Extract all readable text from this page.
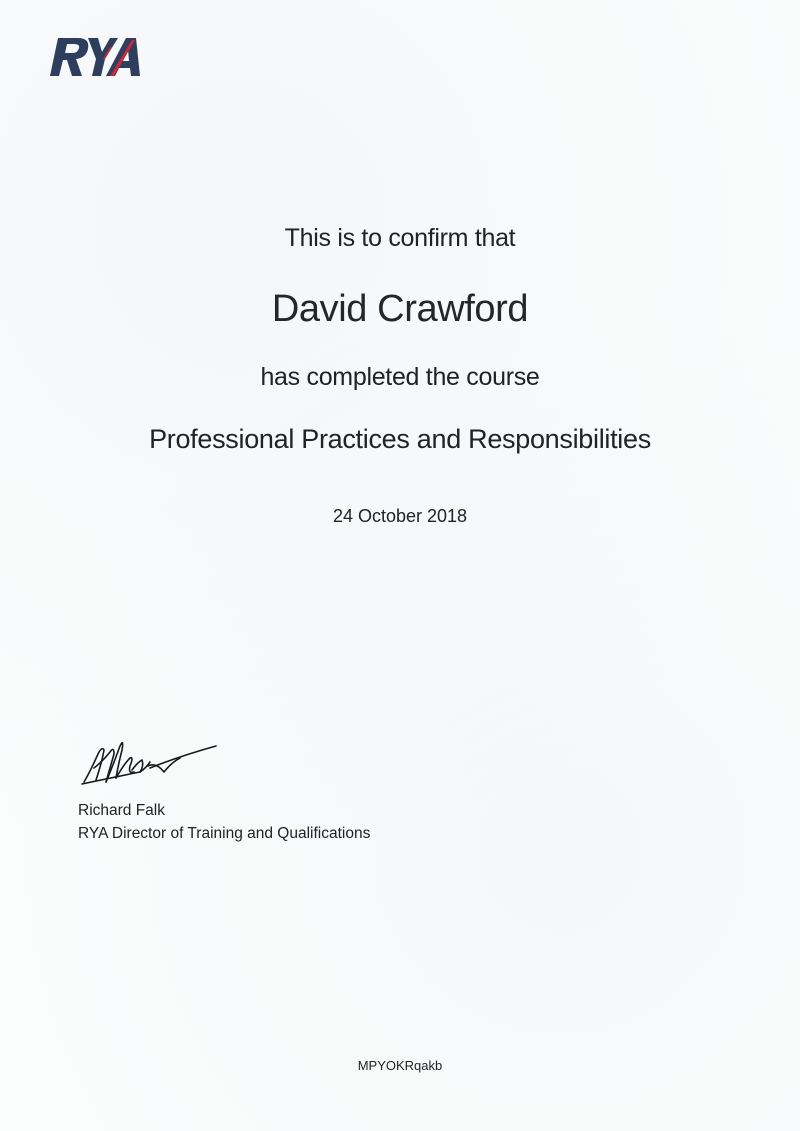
This is to confirm that
David Crawford
has completed the course
Professional Practices and Responsibilities
24 October 2018
Richard Falk
RYA Director of Training and Qualifications
MPYOKRqakb
